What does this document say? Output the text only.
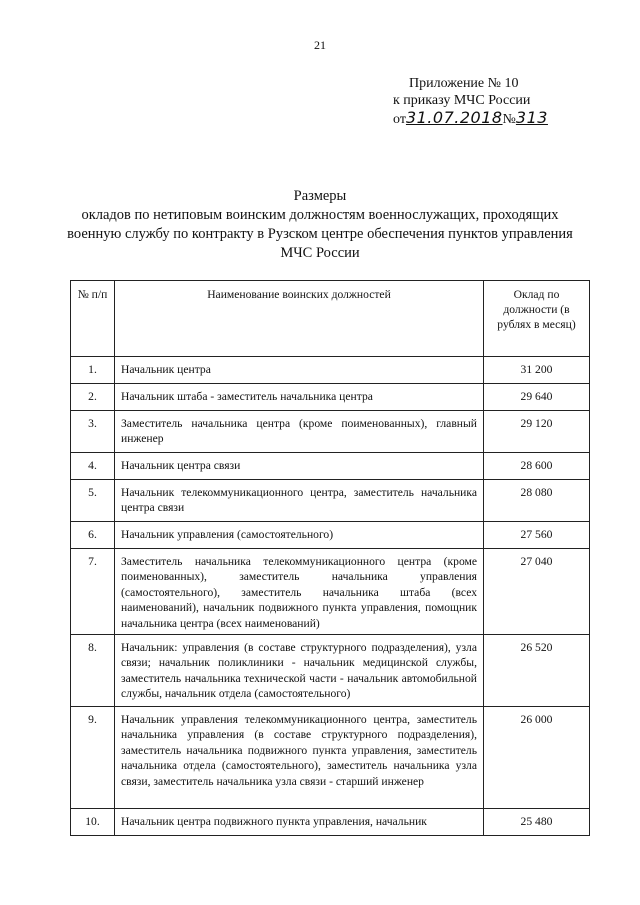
21
Приложение № 10
к приказу МЧС России
от31.07.2018№313
Размеры
окладов по нетиповым воинским должностям военнослужащих, проходящих
военную службу по контракту в Рузском центре обеспечения пунктов управления
МЧС России
№ п/п	Наименование воинских должностей	Оклад по должности (в рублях в месяц)
1.	Начальник центра	31 200
2.	Начальник штаба - заместитель начальника центра	29 640
3.	Заместитель начальника центра (кроме поименованных), главный инженер	29 120
4.	Начальник центра связи	28 600
5.	Начальник телекоммуникационного центра, заместитель начальника центра связи	28 080
6.	Начальник управления (самостоятельного)	27 560
7.	Заместитель начальника телекоммуникационного центра (кроме поименованных), заместитель начальника управления (самостоятельного), заместитель начальника штаба (всех наименований), начальник подвижного пункта управления, помощник начальника центра (всех наименований)	27 040
8.	Начальник: управления (в составе структурного подразделения), узла связи; начальник поликлиники - начальник медицинской службы, заместитель начальника технической части - начальник автомобильной службы, начальник отдела (самостоятельного)	26 520
9.	Начальник управления телекоммуникационного центра, заместитель начальника управления (в составе структурного подразделения), заместитель начальника подвижного пункта управления, заместитель начальника отдела (самостоятельного), заместитель начальника узла связи, заместитель начальника узла связи - старший инженер	26 000
10.	Начальник центра подвижного пункта управления, начальник	25 480
